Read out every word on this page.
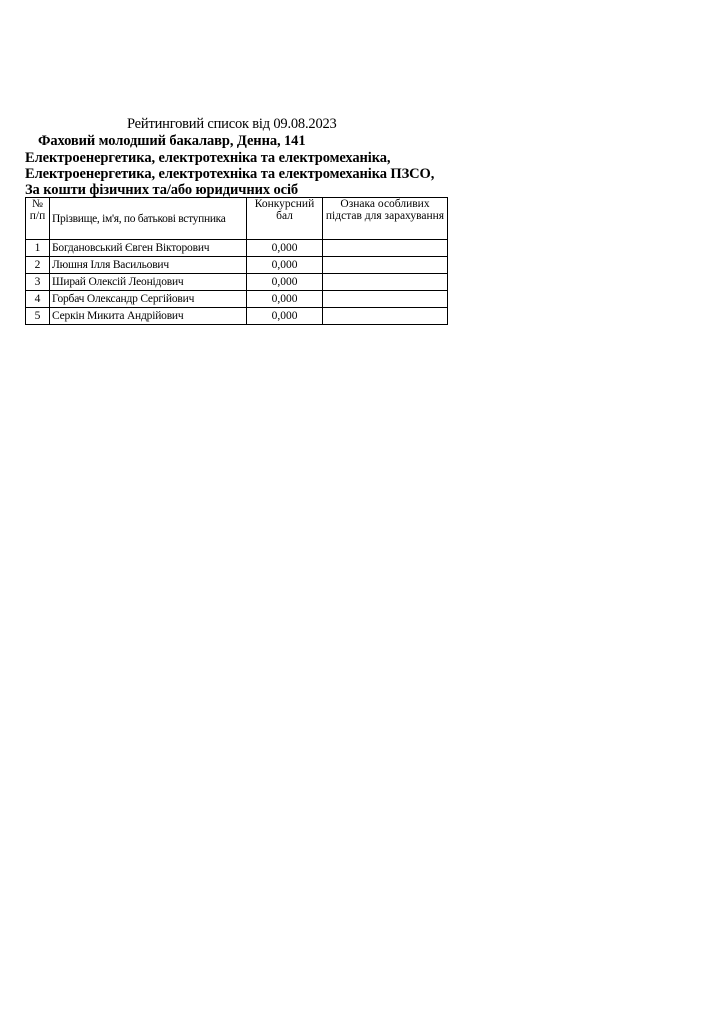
Рейтинговий список від 09.08.2023
Фаховий молодший бакалавр, Денна, 141
Електроенергетика, електротехніка та електромеханіка,
Електроенергетика, електротехніка та електромеханіка ПЗСО,
За кошти фізичних та/або юридичних осіб
№ п/п	Прізвище, ім'я, по батькові вступника	Конкурсний бал	Ознака особливих підстав для зарахування
1	Богдановський Євген Вікторович	0,000	
2	Люшня Ілля Васильович	0,000	
3	Ширай Олексій Леонідович	0,000	
4	Горбач Олександр Сергійович	0,000	
5	Серкін Микита Андрійович	0,000	
